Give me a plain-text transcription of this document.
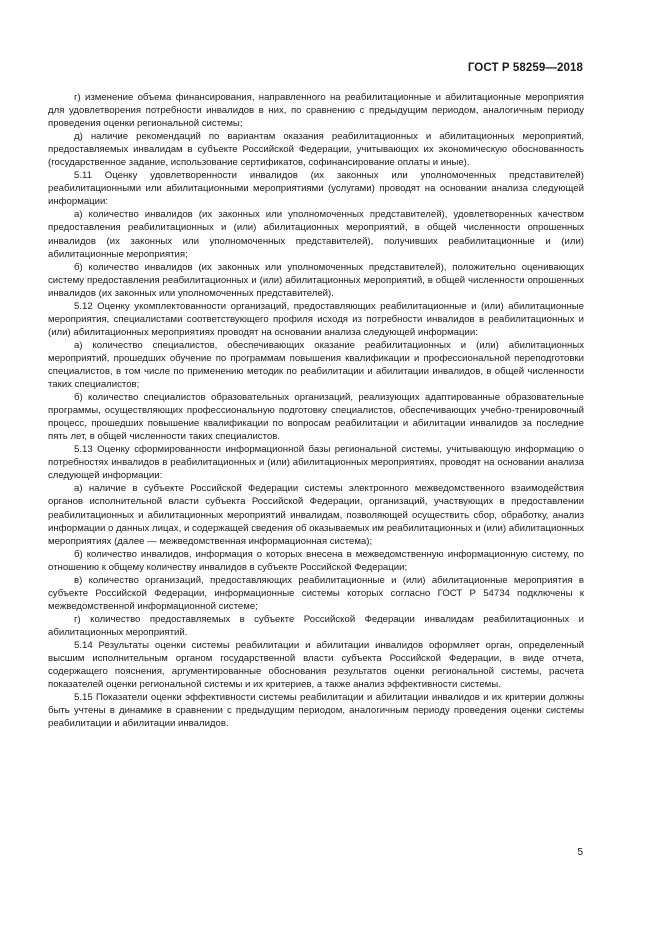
ГОСТ Р 58259—2018

г) изменение объема финансирования, направленного на реабилитационные и абилитационные мероприятия для удовлетворения потребности инвалидов в них, по сравнению с предыдущим периодом, аналогичным периоду проведения оценки региональной системы;

д) наличие рекомендаций по вариантам оказания реабилитационных и абилитационных мероприятий, предоставляемых инвалидам в субъекте Российской Федерации, учитывающих их экономическую обоснованность (государственное задание, использование сертификатов, софинансирование оплаты и иные).

5.11 Оценку удовлетворенности инвалидов (их законных или уполномоченных представителей) реабилитационными или абилитационными мероприятиями (услугами) проводят на основании анализа следующей информации:

а) количество инвалидов (их законных или уполномоченных представителей), удовлетворенных качеством предоставления реабилитационных и (или) абилитационных мероприятий, в общей численности опрошенных инвалидов (их законных или уполномоченных представителей), получивших реабилитационные и (или) абилитационные мероприятия;

б) количество инвалидов (их законных или уполномоченных представителей), положительно оценивающих систему предоставления реабилитационных и (или) абилитационных мероприятий, в общей численности опрошенных инвалидов (их законных или уполномоченных представителей).

5.12 Оценку укомплектованности организаций, предоставляющих реабилитационные и (или) абилитационные мероприятия, специалистами соответствующего профиля исходя из потребности инвалидов в реабилитационных и (или) абилитационных мероприятиях проводят на основании анализа следующей информации:

а) количество специалистов, обеспечивающих оказание реабилитационных и (или) абилитационных мероприятий, прошедших обучение по программам повышения квалификации и профессиональной переподготовки специалистов, в том числе по применению методик по реабилитации и абилитации инвалидов, в общей численности таких специалистов;

б) количество специалистов образовательных организаций, реализующих адаптированные образовательные программы, осуществляющих профессиональную подготовку специалистов, обеспечивающих учебно-тренировочный процесс, прошедших повышение квалификации по вопросам реабилитации и абилитации инвалидов за последние пять лет, в общей численности таких специалистов.

5.13 Оценку сформированности информационной базы региональной системы, учитывающую информацию о потребностях инвалидов в реабилитационных и (или) абилитационных мероприятиях, проводят на основании анализа следующей информации:

а) наличие в субъекте Российской Федерации системы электронного межведомственного взаимодействия органов исполнительной власти субъекта Российской Федерации, организаций, участвующих в предоставлении реабилитационных и абилитационных мероприятий инвалидам, позволяющей осуществить сбор, обработку, анализ информации о данных лицах, и содержащей сведения об оказываемых им реабилитационных и (или) абилитационных мероприятиях (далее — межведомственная информационная система);

б) количество инвалидов, информация о которых внесена в межведомственную информационную систему, по отношению к общему количеству инвалидов в субъекте Российской Федерации;

в) количество организаций, предоставляющих реабилитационные и (или) абилитационные мероприятия в субъекте Российской Федерации, информационные системы которых согласно ГОСТ Р 54734 подключены к межведомственной информационной системе;

г) количество предоставляемых в субъекте Российской Федерации инвалидам реабилитационных и абилитационных мероприятий.

5.14 Результаты оценки системы реабилитации и абилитации инвалидов оформляет орган, определенный высшим исполнительным органом государственной власти субъекта Российской Федерации, в виде отчета, содержащего пояснения, аргументированные обоснования результатов оценки региональной системы, расчета показателей оценки региональной системы и их критериев, а также анализ эффективности системы.

5.15 Показатели оценки эффективности системы реабилитации и абилитации инвалидов и их критерии должны быть учтены в динамике в сравнении с предыдущим периодом, аналогичным периоду проведения оценки системы реабилитации и абилитации инвалидов.

5
